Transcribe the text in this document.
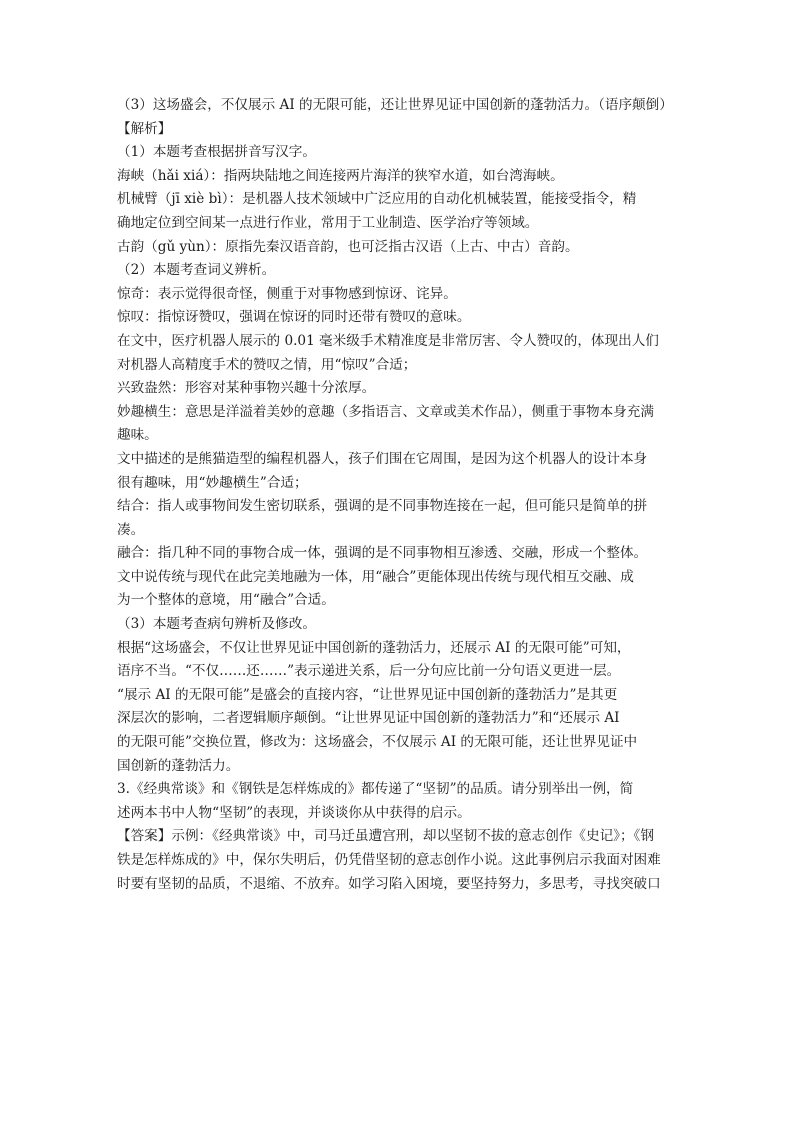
（3）这场盛会，不仅展示 AI 的无限可能，还让世界见证中国创新的蓬勃活力。（语序颠倒）
【解析】
（1）本题考查根据拼音写汉字。
海峡（hǎi xiá）：指两块陆地之间连接两片海洋的狭窄水道，如台湾海峡。
机械臂（jī xiè bì）：是机器人技术领域中广泛应用的自动化机械装置，能接受指令，精
确地定位到空间某一点进行作业，常用于工业制造、医学治疗等领域。
古韵（gǔ yùn）：原指先秦汉语音韵，也可泛指古汉语（上古、中古）音韵。
（2）本题考查词义辨析。
惊奇：表示觉得很奇怪，侧重于对事物感到惊讶、诧异。
惊叹：指惊讶赞叹，强调在惊讶的同时还带有赞叹的意味。
在文中，医疗机器人展示的 0.01 毫米级手术精准度是非常厉害、令人赞叹的，体现出人们
对机器人高精度手术的赞叹之情，用“惊叹”合适；
兴致盎然：形容对某种事物兴趣十分浓厚。
妙趣横生：意思是洋溢着美妙的意趣（多指语言、文章或美术作品），侧重于事物本身充满
趣味。
文中描述的是熊猫造型的编程机器人，孩子们围在它周围，是因为这个机器人的设计本身
很有趣味，用“妙趣横生”合适；
结合：指人或事物间发生密切联系，强调的是不同事物连接在一起，但可能只是简单的拼
凑。
融合：指几种不同的事物合成一体，强调的是不同事物相互渗透、交融，形成一个整体。
文中说传统与现代在此完美地融为一体，用“融合”更能体现出传统与现代相互交融、成
为一个整体的意境，用“融合”合适。
（3）本题考查病句辨析及修改。
根据“这场盛会，不仅让世界见证中国创新的蓬勃活力，还展示 AI 的无限可能”可知，
语序不当。“不仅……还……”表示递进关系，后一分句应比前一分句语义更进一层。
“展示 AI 的无限可能”是盛会的直接内容，“让世界见证中国创新的蓬勃活力”是其更
深层次的影响，二者逻辑顺序颠倒。“让世界见证中国创新的蓬勃活力”和“还展示 AI
的无限可能”交换位置，修改为：这场盛会，不仅展示 AI 的无限可能，还让世界见证中
国创新的蓬勃活力。
3.《经典常谈》和《钢铁是怎样炼成的》都传递了“坚韧”的品质。请分别举出一例，简
述两本书中人物“坚韧”的表现，并谈谈你从中获得的启示。
【答案】示例：《经典常谈》中，司马迁虽遭宫刑，却以坚韧不拔的意志创作《史记》；《钢
铁是怎样炼成的》中，保尔失明后，仍凭借坚韧的意志创作小说。这此事例启示我面对困难
时要有坚韧的品质，不退缩、不放弃。如学习陷入困境，要坚持努力，多思考，寻找突破口
